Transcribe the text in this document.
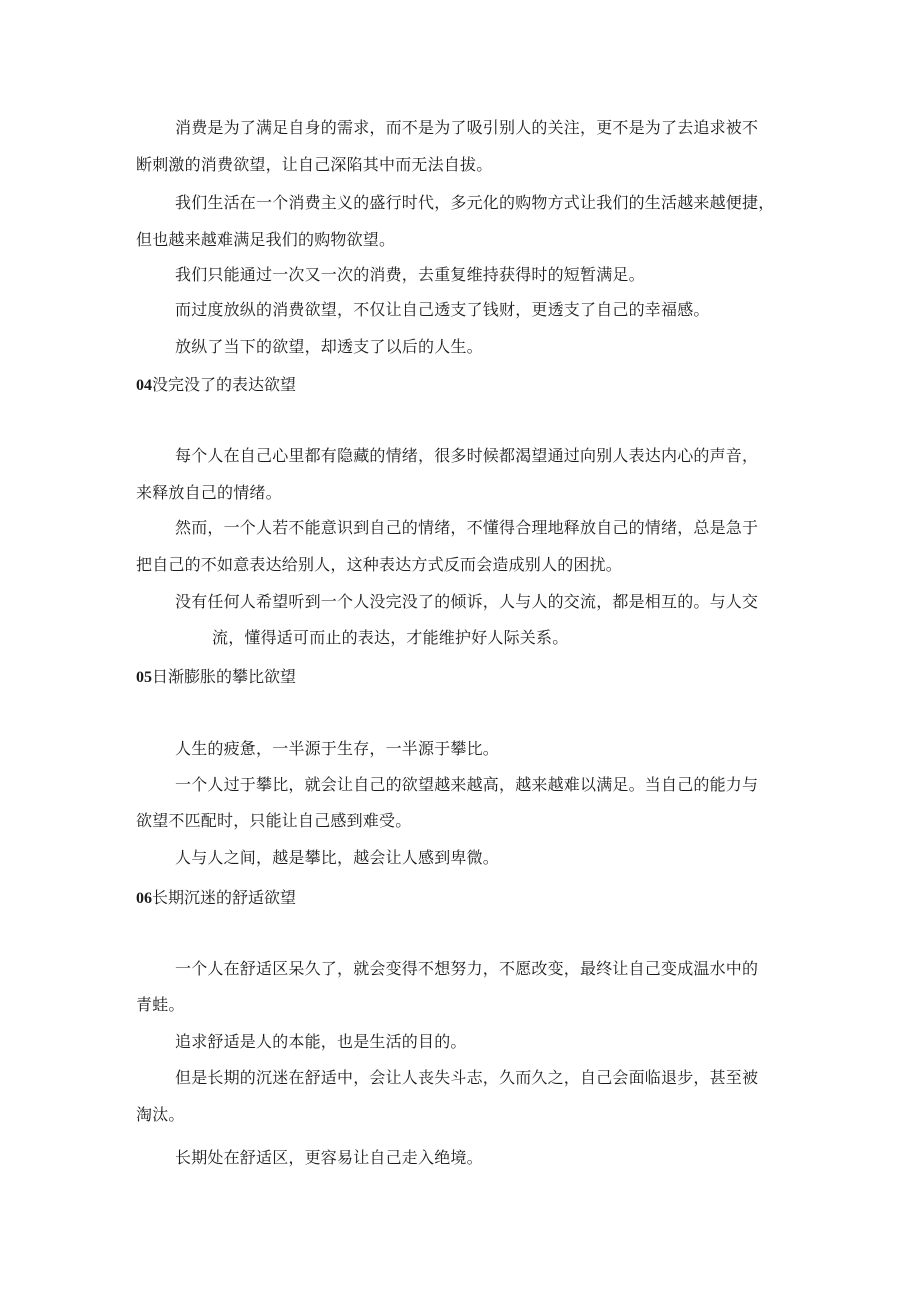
消费是为了满足自身的需求，而不是为了吸引别人的关注，更不是为了去追求被不
断刺激的消费欲望，让自己深陷其中而无法自拔。
我们生活在一个消费主义的盛行时代，多元化的购物方式让我们的生活越来越便捷，
但也越来越难满足我们的购物欲望。
我们只能通过一次又一次的消费，去重复维持获得时的短暂满足。
而过度放纵的消费欲望，不仅让自己透支了钱财，更透支了自己的幸福感。
放纵了当下的欲望，却透支了以后的人生。
04没完没了的表达欲望
每个人在自己心里都有隐藏的情绪，很多时候都渴望通过向别人表达内心的声音，
来释放自己的情绪。
然而，一个人若不能意识到自己的情绪，不懂得合理地释放自己的情绪，总是急于
把自己的不如意表达给别人，这种表达方式反而会造成别人的困扰。
没有任何人希望听到一个人没完没了的倾诉，人与人的交流，都是相互的。与人交
流，懂得适可而止的表达，才能维护好人际关系。
05日渐膨胀的攀比欲望
人生的疲惫，一半源于生存，一半源于攀比。
一个人过于攀比，就会让自己的欲望越来越高，越来越难以满足。当自己的能力与
欲望不匹配时，只能让自己感到难受。
人与人之间，越是攀比，越会让人感到卑微。
06长期沉迷的舒适欲望
一个人在舒适区呆久了，就会变得不想努力，不愿改变，最终让自己变成温水中的
青蛙。
追求舒适是人的本能，也是生活的目的。
但是长期的沉迷在舒适中，会让人丧失斗志，久而久之，自己会面临退步，甚至被
淘汰。
长期处在舒适区，更容易让自己走入绝境。
